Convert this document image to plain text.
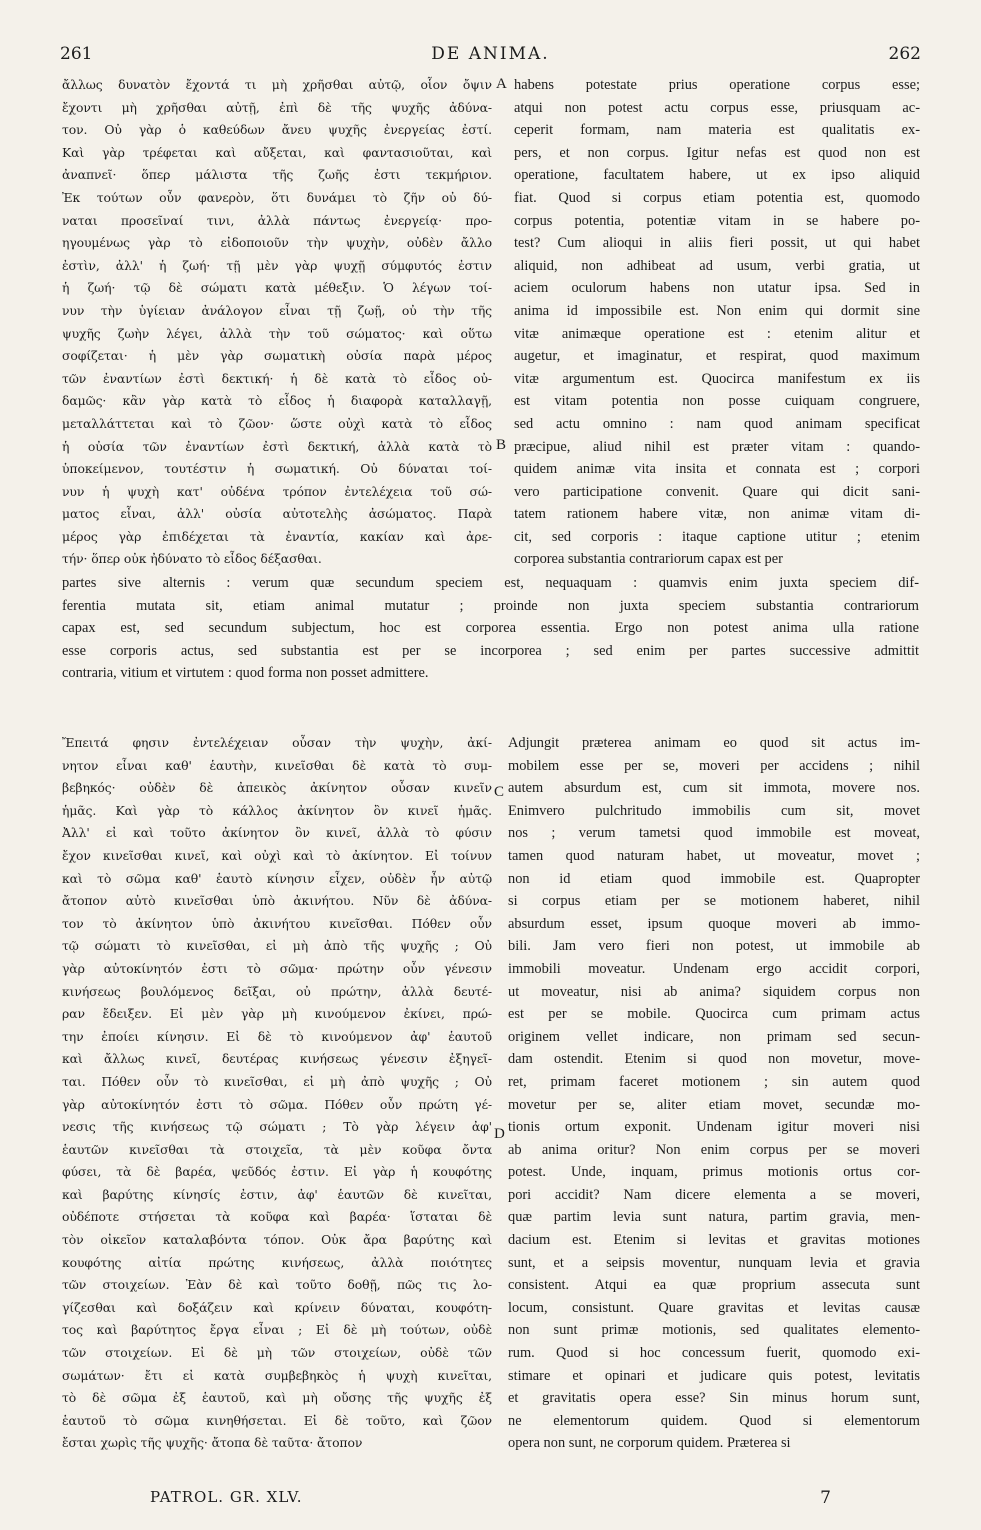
261	DE ANIMA.	262
ἄλλως δυνατὸν ἔχοντά τι μὴ χρῆσθαι αὐτῷ, οἷον ὄψιν
ἔχοντι μὴ χρῆσθαι αὐτῇ, ἐπὶ δὲ τῆς ψυχῆς ἀδύνα-
τον. Οὐ γὰρ ὁ καθεύδων ἄνευ ψυχῆς ἐνεργείας ἐστί.
Καὶ γὰρ τρέφεται καὶ αὔξεται, καὶ φαντασιοῦται, καὶ
ἀναπνεῖ· ὅπερ μάλιστα τῆς ζωῆς ἐστι τεκμήριον.
Ἐκ τούτων οὖν φανερὸν, ὅτι δυνάμει τὸ ζῆν οὐ δύ-
ναται προσεῖναί τινι, ἀλλὰ πάντως ἐνεργείᾳ· προ-
ηγουμένως γὰρ τὸ εἰδοποιοῦν τὴν ψυχὴν, οὐδὲν ἄλλο
ἐστὶν, ἀλλ' ἡ ζωή· τῇ μὲν γὰρ ψυχῇ σύμφυτός ἐστιν
ἡ ζωή· τῷ δὲ σώματι κατὰ μέθεξιν. Ὁ λέγων τοί-
νυν τὴν ὑγίειαν ἀνάλογον εἶναι τῇ ζωῇ, οὐ τὴν τῆς
ψυχῆς ζωὴν λέγει, ἀλλὰ τὴν τοῦ σώματος· καὶ οὕτω
σοφίζεται· ἡ μὲν γὰρ σωματικὴ οὐσία παρὰ μέρος
τῶν ἐναντίων ἐστὶ δεκτική· ἡ δὲ κατὰ τὸ εἶδος οὐ-
δαμῶς· κἂν γὰρ κατὰ τὸ εἶδος ἡ διαφορὰ καταλλαγῇ,
μεταλλάττεται καὶ τὸ ζῶον· ὥστε οὐχὶ κατὰ τὸ εἶδος
ἡ οὐσία τῶν ἐναντίων ἐστὶ δεκτική, ἀλλὰ κατὰ τὸ
ὑποκείμενον, τουτέστιν ἡ σωματική. Οὐ δύναται τοί-
νυν ἡ ψυχὴ κατ' οὐδένα τρόπον ἐντελέχεια τοῦ σώ-
ματος εἶναι, ἀλλ' οὐσία αὐτοτελὴς ἀσώματος. Παρὰ
μέρος γὰρ ἐπιδέχεται τὰ ἐναντία, κακίαν καὶ ἀρε-
τήν· ὅπερ οὐκ ἠδύνατο τὸ εἶδος δέξασθαι.
habens potestate prius operatione corpus esse;
atqui non potest actu corpus esse, priusquam ac-
ceperit formam, nam materia est qualitatis ex-
pers, et non corpus. Igitur nefas est quod non est
operatione, facultatem habere, ut ex ipso aliquid
fiat. Quod si corpus etiam potentia est, quomodo
corpus potentia, potentiæ vitam in se habere po-
test? Cum alioqui in aliis fieri possit, ut qui habet
aliquid, non adhibeat ad usum, verbi gratia, ut
aciem oculorum habens non utatur ipsa. Sed in
anima id impossibile est. Non enim qui dormit sine
vitæ animæque operatione est : etenim alitur et
augetur, et imaginatur, et respirat, quod maximum
vitæ argumentum est. Quocirca manifestum ex iis
est vitam potentia non posse cuiquam congruere,
sed actu omnino : nam quod animam specificat
præcipue, aliud nihil est præter vitam : quando-
quidem animæ vita insita et connata est ; corpori
vero participatione convenit. Quare qui dicit sani-
tatem rationem habere vitæ, non animæ vitam di-
cit, sed corporis : itaque captione utitur ; etenim
corporea substantia contrariorum capax est per
A
B
partes sive alternis : verum quæ secundum speciem est, nequaquam : quamvis enim juxta speciem dif-
ferentia mutata sit, etiam animal mutatur ; proinde non juxta speciem substantia contrariorum
capax est, sed secundum subjectum, hoc est corporea essentia. Ergo non potest anima ulla ratione
esse corporis actus, sed substantia est per se incorporea ; sed enim per partes successive admittit
contraria, vitium et virtutem : quod forma non posset admittere.
Ἔπειτά φησιν ἐντελέχειαν οὖσαν τὴν ψυχὴν, ἀκί-
νητον εἶναι καθ' ἑαυτὴν, κινεῖσθαι δὲ κατὰ τὸ συμ-
βεβηκός· οὐδὲν δὲ ἀπεικὸς ἀκίνητον οὖσαν κινεῖν
ἡμᾶς. Καὶ γὰρ τὸ κάλλος ἀκίνητον ὂν κινεῖ ἡμᾶς.
Ἀλλ' εἰ καὶ τοῦτο ἀκίνητον ὂν κινεῖ, ἀλλὰ τὸ φύσιν
ἔχον κινεῖσθαι κινεῖ, καὶ οὐχὶ καὶ τὸ ἀκίνητον. Εἰ τοίνυν
καὶ τὸ σῶμα καθ' ἑαυτὸ κίνησιν εἶχεν, οὐδὲν ἦν αὐτῷ
ἄτοπον αὐτὸ κινεῖσθαι ὑπὸ ἀκινήτου. Νῦν δὲ ἀδύνα-
τον τὸ ἀκίνητον ὑπὸ ἀκινήτου κινεῖσθαι. Πόθεν οὖν
τῷ σώματι τὸ κινεῖσθαι, εἰ μὴ ἀπὸ τῆς ψυχῆς ; Οὐ
γὰρ αὐτοκίνητόν ἐστι τὸ σῶμα· πρώτην οὖν γένεσιν
κινήσεως βουλόμενος δεῖξαι, οὐ πρώτην, ἀλλὰ δευτέ-
ραν ἔδειξεν. Εἰ μὲν γὰρ μὴ κινούμενον ἐκίνει, πρώ-
την ἐποίει κίνησιν. Εἰ δὲ τὸ κινούμενον ἀφ' ἑαυτοῦ
καὶ ἄλλως κινεῖ, δευτέρας κινήσεως γένεσιν ἐξηγεῖ-
ται. Πόθεν οὖν τὸ κινεῖσθαι, εἰ μὴ ἀπὸ ψυχῆς ; Οὐ
γὰρ αὐτοκίνητόν ἐστι τὸ σῶμα. Πόθεν οὖν πρώτη γέ-
νεσις τῆς κινήσεως τῷ σώματι ; Τὸ γὰρ λέγειν ἀφ'
ἑαυτῶν κινεῖσθαι τὰ στοιχεῖα, τὰ μὲν κοῦφα ὄντα
φύσει, τὰ δὲ βαρέα, ψεῦδός ἐστιν. Εἰ γὰρ ἡ κουφότης
καὶ βαρύτης κίνησίς ἐστιν, ἀφ' ἑαυτῶν δὲ κινεῖται,
οὐδέποτε στήσεται τὰ κοῦφα καὶ βαρέα· ἵσταται δὲ
τὸν οἰκεῖον καταλαβόντα τόπον. Οὐκ ἄρα βαρύτης καὶ
κουφότης αἰτία πρώτης κινήσεως, ἀλλὰ ποιότητες
τῶν στοιχείων. Ἐὰν δὲ καὶ τοῦτο δοθῇ, πῶς τις λο-
γίζεσθαι καὶ δοξάζειν καὶ κρίνειν δύναται, κουφότη-
τος καὶ βαρύτητος ἔργα εἶναι ; Εἰ δὲ μὴ τούτων, οὐδὲ
τῶν στοιχείων. Εἰ δὲ μὴ τῶν στοιχείων, οὐδὲ τῶν
σωμάτων· ἔτι εἰ κατὰ συμβεβηκὸς ἡ ψυχὴ κινεῖται,
τὸ δὲ σῶμα ἐξ ἑαυτοῦ, καὶ μὴ οὔσης τῆς ψυχῆς ἐξ
ἑαυτοῦ τὸ σῶμα κινηθήσεται. Εἰ δὲ τοῦτο, καὶ ζῶον
ἔσται χωρὶς τῆς ψυχῆς· ἄτοπα δὲ ταῦτα· ἄτοπον
Adjungit præterea animam eo quod sit actus im-
mobilem esse per se, moveri per accidens ; nihil
autem absurdum est, cum sit immota, movere nos.
Enimvero pulchritudo immobilis cum sit, movet
nos ; verum tametsi quod immobile est moveat,
tamen quod naturam habet, ut moveatur, movet ;
non id etiam quod immobile est. Quapropter
si corpus etiam per se motionem haberet, nihil
absurdum esset, ipsum quoque moveri ab immo-
bili. Jam vero fieri non potest, ut immobile ab
immobili moveatur. Undenam ergo accidit corpori,
ut moveatur, nisi ab anima? siquidem corpus non
est per se mobile. Quocirca cum primam actus
originem vellet indicare, non primam sed secun-
dam ostendit. Etenim si quod non movetur, move-
ret, primam faceret motionem ; sin autem quod
movetur per se, aliter etiam movet, secundæ mo-
tionis ortum exponit. Undenam igitur moveri nisi
ab anima oritur? Non enim corpus per se moveri
potest. Unde, inquam, primus motionis ortus cor-
pori accidit? Nam dicere elementa a se moveri,
quæ partim levia sunt natura, partim gravia, men-
dacium est. Etenim si levitas et gravitas motiones
sunt, et a seipsis moventur, nunquam levia et gravia
consistent. Atqui ea quæ proprium assecuta sunt
locum, consistunt. Quare gravitas et levitas causæ
non sunt primæ motionis, sed qualitates elemento-
rum. Quod si hoc concessum fuerit, quomodo exi-
stimare et opinari et judicare quis potest, levitatis
et gravitatis opera esse? Sin minus horum sunt,
ne elementorum quidem. Quod si elementorum
opera non sunt, ne corporum quidem. Præterea si
C
D
PATROL. GR. XLV.	7
